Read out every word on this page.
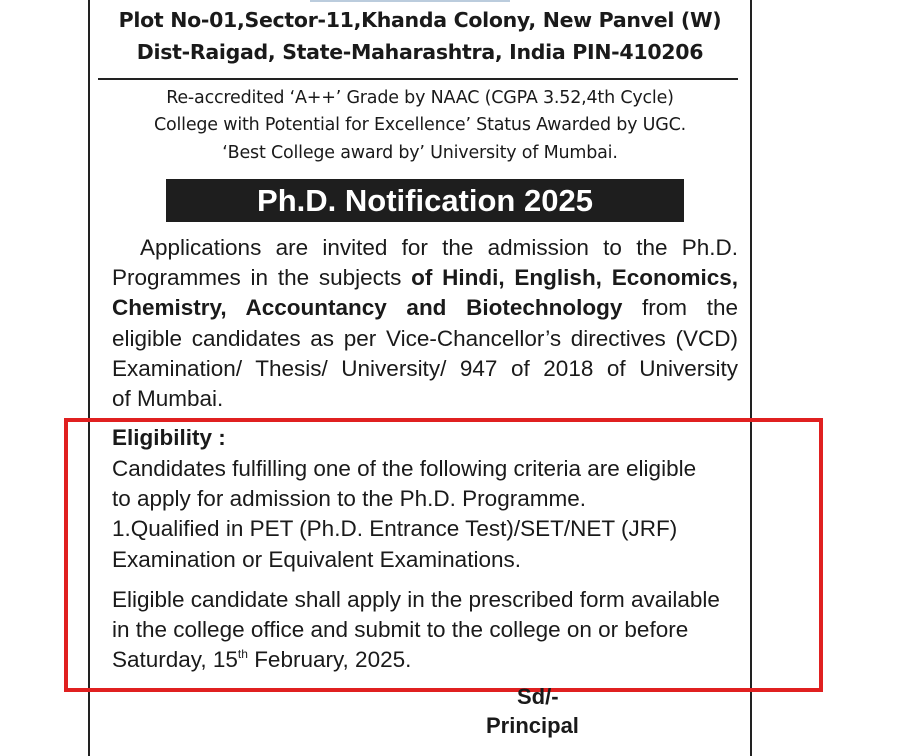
Plot No-01,Sector-11,Khanda Colony, New Panvel (W)
Dist-Raigad, State-Maharashtra, India PIN-410206
Re-accredited ‘A++’ Grade by NAAC (CGPA 3.52,4th Cycle)
College with Potential for Excellence’ Status Awarded by UGC.
‘Best College award by’ University of Mumbai.
Ph.D. Notification 2025
Applications are invited for the admission to the Ph.D.
Programmes in the subjects of Hindi, English, Economics,
Chemistry, Accountancy and Biotechnology from the
eligible candidates as per Vice-Chancellor’s directives (VCD)
Examination/ Thesis/ University/ 947 of 2018 of University
of Mumbai.
Eligibility :
Candidates fulfilling one of the following criteria are eligible
to apply for admission to the Ph.D. Programme.
1.Qualified in PET (Ph.D. Entrance Test)/SET/NET (JRF)
Examination or Equivalent Examinations.
Eligible candidate shall apply in the prescribed form available
in the college office and submit to the college on or before
Saturday, 15th February, 2025.
Sd/-
Principal
